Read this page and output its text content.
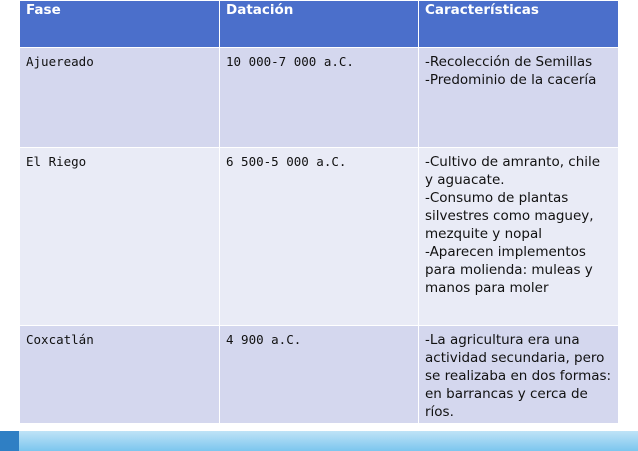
Fase	Datación	Características
Ajuereado	10 000-7 000 a.C.	-Recolección de Semillas
-Predominio de la cacería

El Riego	6 500-5 000 a.C.	-Cultivo de amranto, chile y aguacate.
-Consumo de plantas silvestres como maguey, mezquite y nopal
-Aparecen implementos para molienda: muleas y manos para moler

Coxcatlán	4 900 a.C.	-La agricultura era una actividad secundaria, pero se realizaba en dos formas: en barrancas y cerca de ríos.
